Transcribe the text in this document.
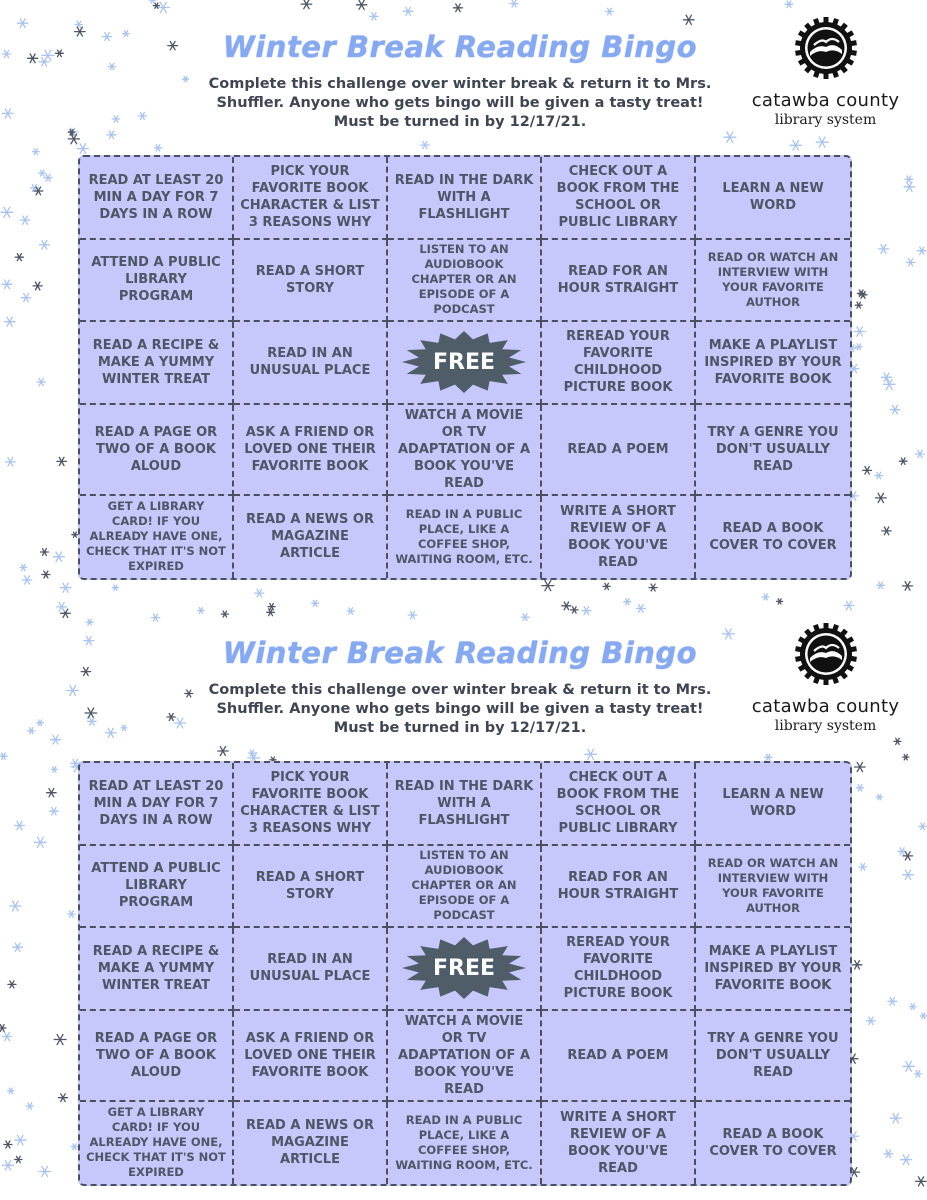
Winter Break Reading Bingo

Complete this challenge over winter break & return it to Mrs. Shuffler. Anyone who gets bingo will be given a tasty treat! Must be turned in by 12/17/21.

catawba county
library system
READ AT LEAST 20 MIN A DAY FOR 7 DAYS IN A ROW
PICK YOUR FAVORITE BOOK CHARACTER & LIST 3 REASONS WHY
READ IN THE DARK WITH A FLASHLIGHT
CHECK OUT A BOOK FROM THE SCHOOL OR PUBLIC LIBRARY
LEARN A NEW WORD
ATTEND A PUBLIC LIBRARY PROGRAM
READ A SHORT STORY
LISTEN TO AN AUDIOBOOK CHAPTER OR AN EPISODE OF A PODCAST
READ FOR AN HOUR STRAIGHT
READ OR WATCH AN INTERVIEW WITH YOUR FAVORITE AUTHOR
READ A RECIPE & MAKE A YUMMY WINTER TREAT
READ IN AN UNUSUAL PLACE	FREE
REREAD YOUR FAVORITE CHILDHOOD PICTURE BOOK
MAKE A PLAYLIST INSPIRED BY YOUR FAVORITE BOOK
READ A PAGE OR TWO OF A BOOK ALOUD
ASK A FRIEND OR LOVED ONE THEIR FAVORITE BOOK
WATCH A MOVIE OR TV ADAPTATION OF A BOOK YOU'VE READ
READ A POEM
TRY A GENRE YOU DON'T USUALLY READ
GET A LIBRARY CARD! IF YOU ALREADY HAVE ONE, CHECK THAT IT'S NOT EXPIRED
READ A NEWS OR MAGAZINE ARTICLE
READ IN A PUBLIC PLACE, LIKE A COFFEE SHOP, WAITING ROOM, ETC.
WRITE A SHORT REVIEW OF A BOOK YOU'VE READ
READ A BOOK COVER TO COVER
Winter Break Reading Bingo

Complete this challenge over winter break & return it to Mrs. Shuffler. Anyone who gets bingo will be given a tasty treat! Must be turned in by 12/17/21.

catawba county
library system
READ AT LEAST 20 MIN A DAY FOR 7 DAYS IN A ROW
PICK YOUR FAVORITE BOOK CHARACTER & LIST 3 REASONS WHY
READ IN THE DARK WITH A FLASHLIGHT
CHECK OUT A BOOK FROM THE SCHOOL OR PUBLIC LIBRARY
LEARN A NEW WORD
ATTEND A PUBLIC LIBRARY PROGRAM
READ A SHORT STORY
LISTEN TO AN AUDIOBOOK CHAPTER OR AN EPISODE OF A PODCAST
READ FOR AN HOUR STRAIGHT
READ OR WATCH AN INTERVIEW WITH YOUR FAVORITE AUTHOR
READ A RECIPE & MAKE A YUMMY WINTER TREAT
READ IN AN UNUSUAL PLACE	FREE
REREAD YOUR FAVORITE CHILDHOOD PICTURE BOOK
MAKE A PLAYLIST INSPIRED BY YOUR FAVORITE BOOK
READ A PAGE OR TWO OF A BOOK ALOUD
ASK A FRIEND OR LOVED ONE THEIR FAVORITE BOOK
WATCH A MOVIE OR TV ADAPTATION OF A BOOK YOU'VE READ
READ A POEM
TRY A GENRE YOU DON'T USUALLY READ
GET A LIBRARY CARD! IF YOU ALREADY HAVE ONE, CHECK THAT IT'S NOT EXPIRED
READ A NEWS OR MAGAZINE ARTICLE
READ IN A PUBLIC PLACE, LIKE A COFFEE SHOP, WAITING ROOM, ETC.
WRITE A SHORT REVIEW OF A BOOK YOU'VE READ
READ A BOOK COVER TO COVER
